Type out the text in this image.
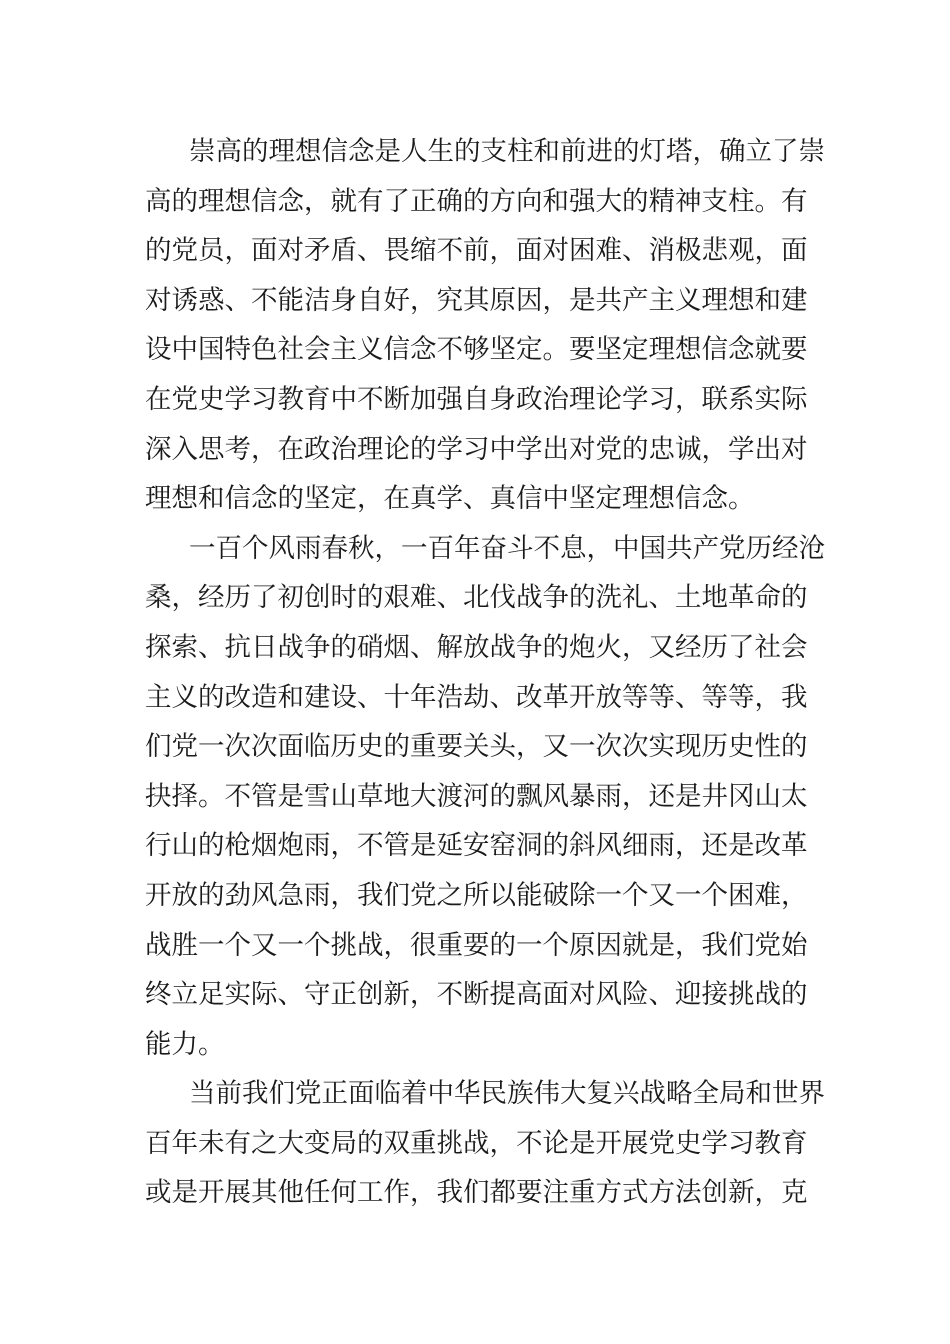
崇高的理想信念是人生的支柱和前进的灯塔，确立了崇
高的理想信念，就有了正确的方向和强大的精神支柱。有
的党员，面对矛盾、畏缩不前，面对困难、消极悲观，面
对诱惑、不能洁身自好，究其原因，是共产主义理想和建
设中国特色社会主义信念不够坚定。要坚定理想信念就要
在党史学习教育中不断加强自身政治理论学习，联系实际
深入思考，在政治理论的学习中学出对党的忠诚，学出对
理想和信念的坚定，在真学、真信中坚定理想信念。
一百个风雨春秋，一百年奋斗不息，中国共产党历经沧
桑，经历了初创时的艰难、北伐战争的洗礼、土地革命的
探索、抗日战争的硝烟、解放战争的炮火，又经历了社会
主义的改造和建设、十年浩劫、改革开放等等、等等，我
们党一次次面临历史的重要关头，又一次次实现历史性的
抉择。不管是雪山草地大渡河的飘风暴雨，还是井冈山太
行山的枪烟炮雨，不管是延安窑洞的斜风细雨，还是改革
开放的劲风急雨，我们党之所以能破除一个又一个困难，
战胜一个又一个挑战，很重要的一个原因就是，我们党始
终立足实际、守正创新，不断提高面对风险、迎接挑战的
能力。
当前我们党正面临着中华民族伟大复兴战略全局和世界
百年未有之大变局的双重挑战，不论是开展党史学习教育
或是开展其他任何工作，我们都要注重方式方法创新，克
